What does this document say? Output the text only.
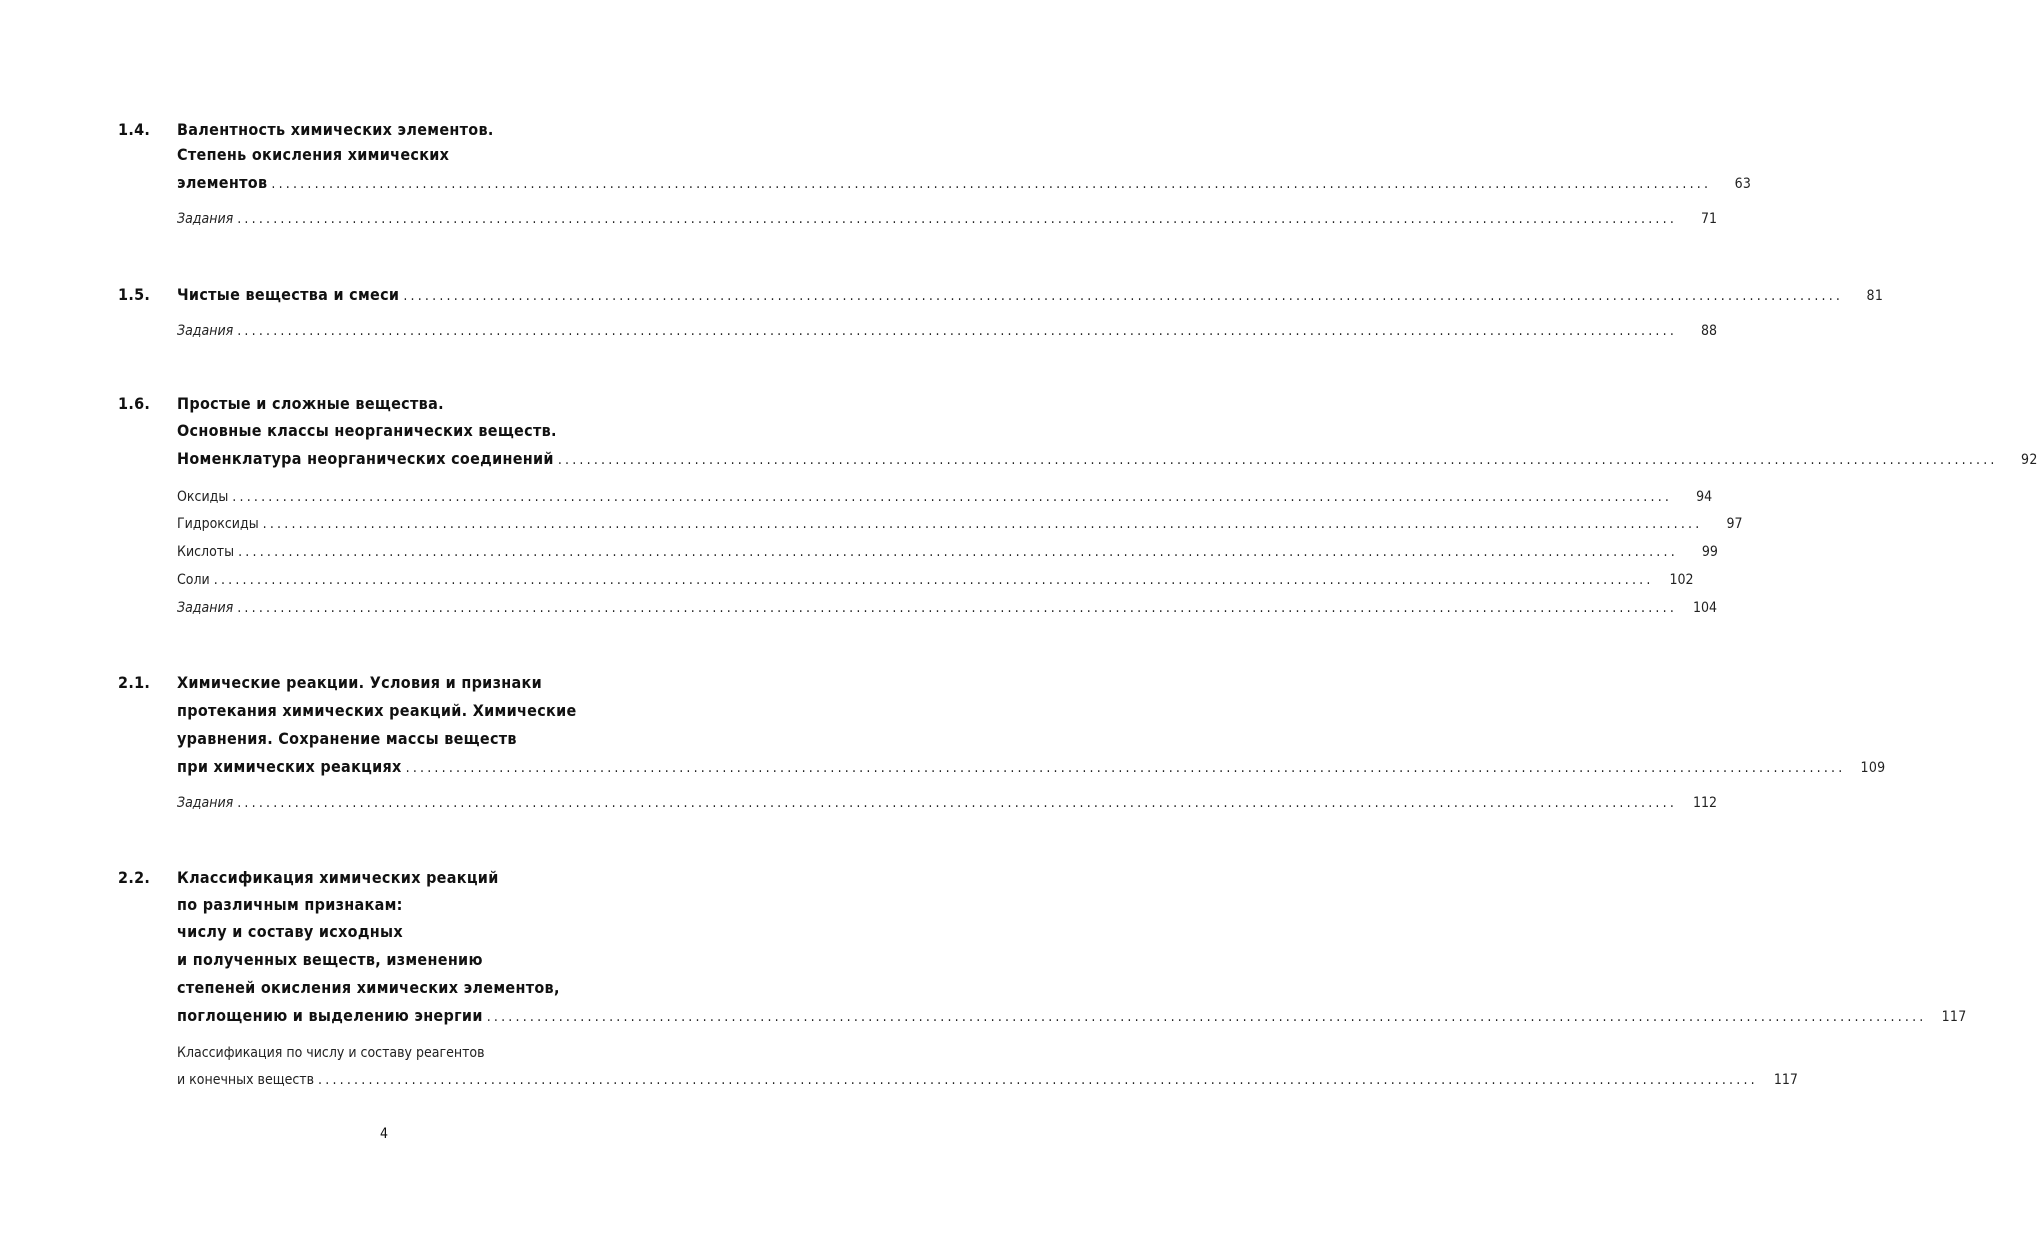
1.4. Валентность химических элементов.
Степень окисления химических
элементов ........................................................................................................................................................................................................	63
Задания ........................................................................................................................................................................................................	71
1.5. Чистые вещества и смеси ........................................................................................................................................................................................................	81
Задания ........................................................................................................................................................................................................	88
1.6. Простые и сложные вещества.
Основные классы неорганических веществ.
Номенклатура неорганических соединений ........................................................................................................................................................................................................	92
Оксиды ........................................................................................................................................................................................................	94
Гидроксиды ........................................................................................................................................................................................................	97
Кислоты ........................................................................................................................................................................................................	99
Соли ........................................................................................................................................................................................................	102
Задания ........................................................................................................................................................................................................	104
2.1. Химические реакции. Условия и признаки
протекания химических реакций. Химические
уравнения. Сохранение массы веществ
при химических реакциях ........................................................................................................................................................................................................	109
Задания ........................................................................................................................................................................................................	112
2.2. Классификация химических реакций
по различным признакам:
числу и составу исходных
и полученных веществ, изменению
степеней окисления химических элементов,
поглощению и выделению энергии ........................................................................................................................................................................................................	117
Классификация по числу и составу реагентов
и конечных веществ ........................................................................................................................................................................................................	117
4
